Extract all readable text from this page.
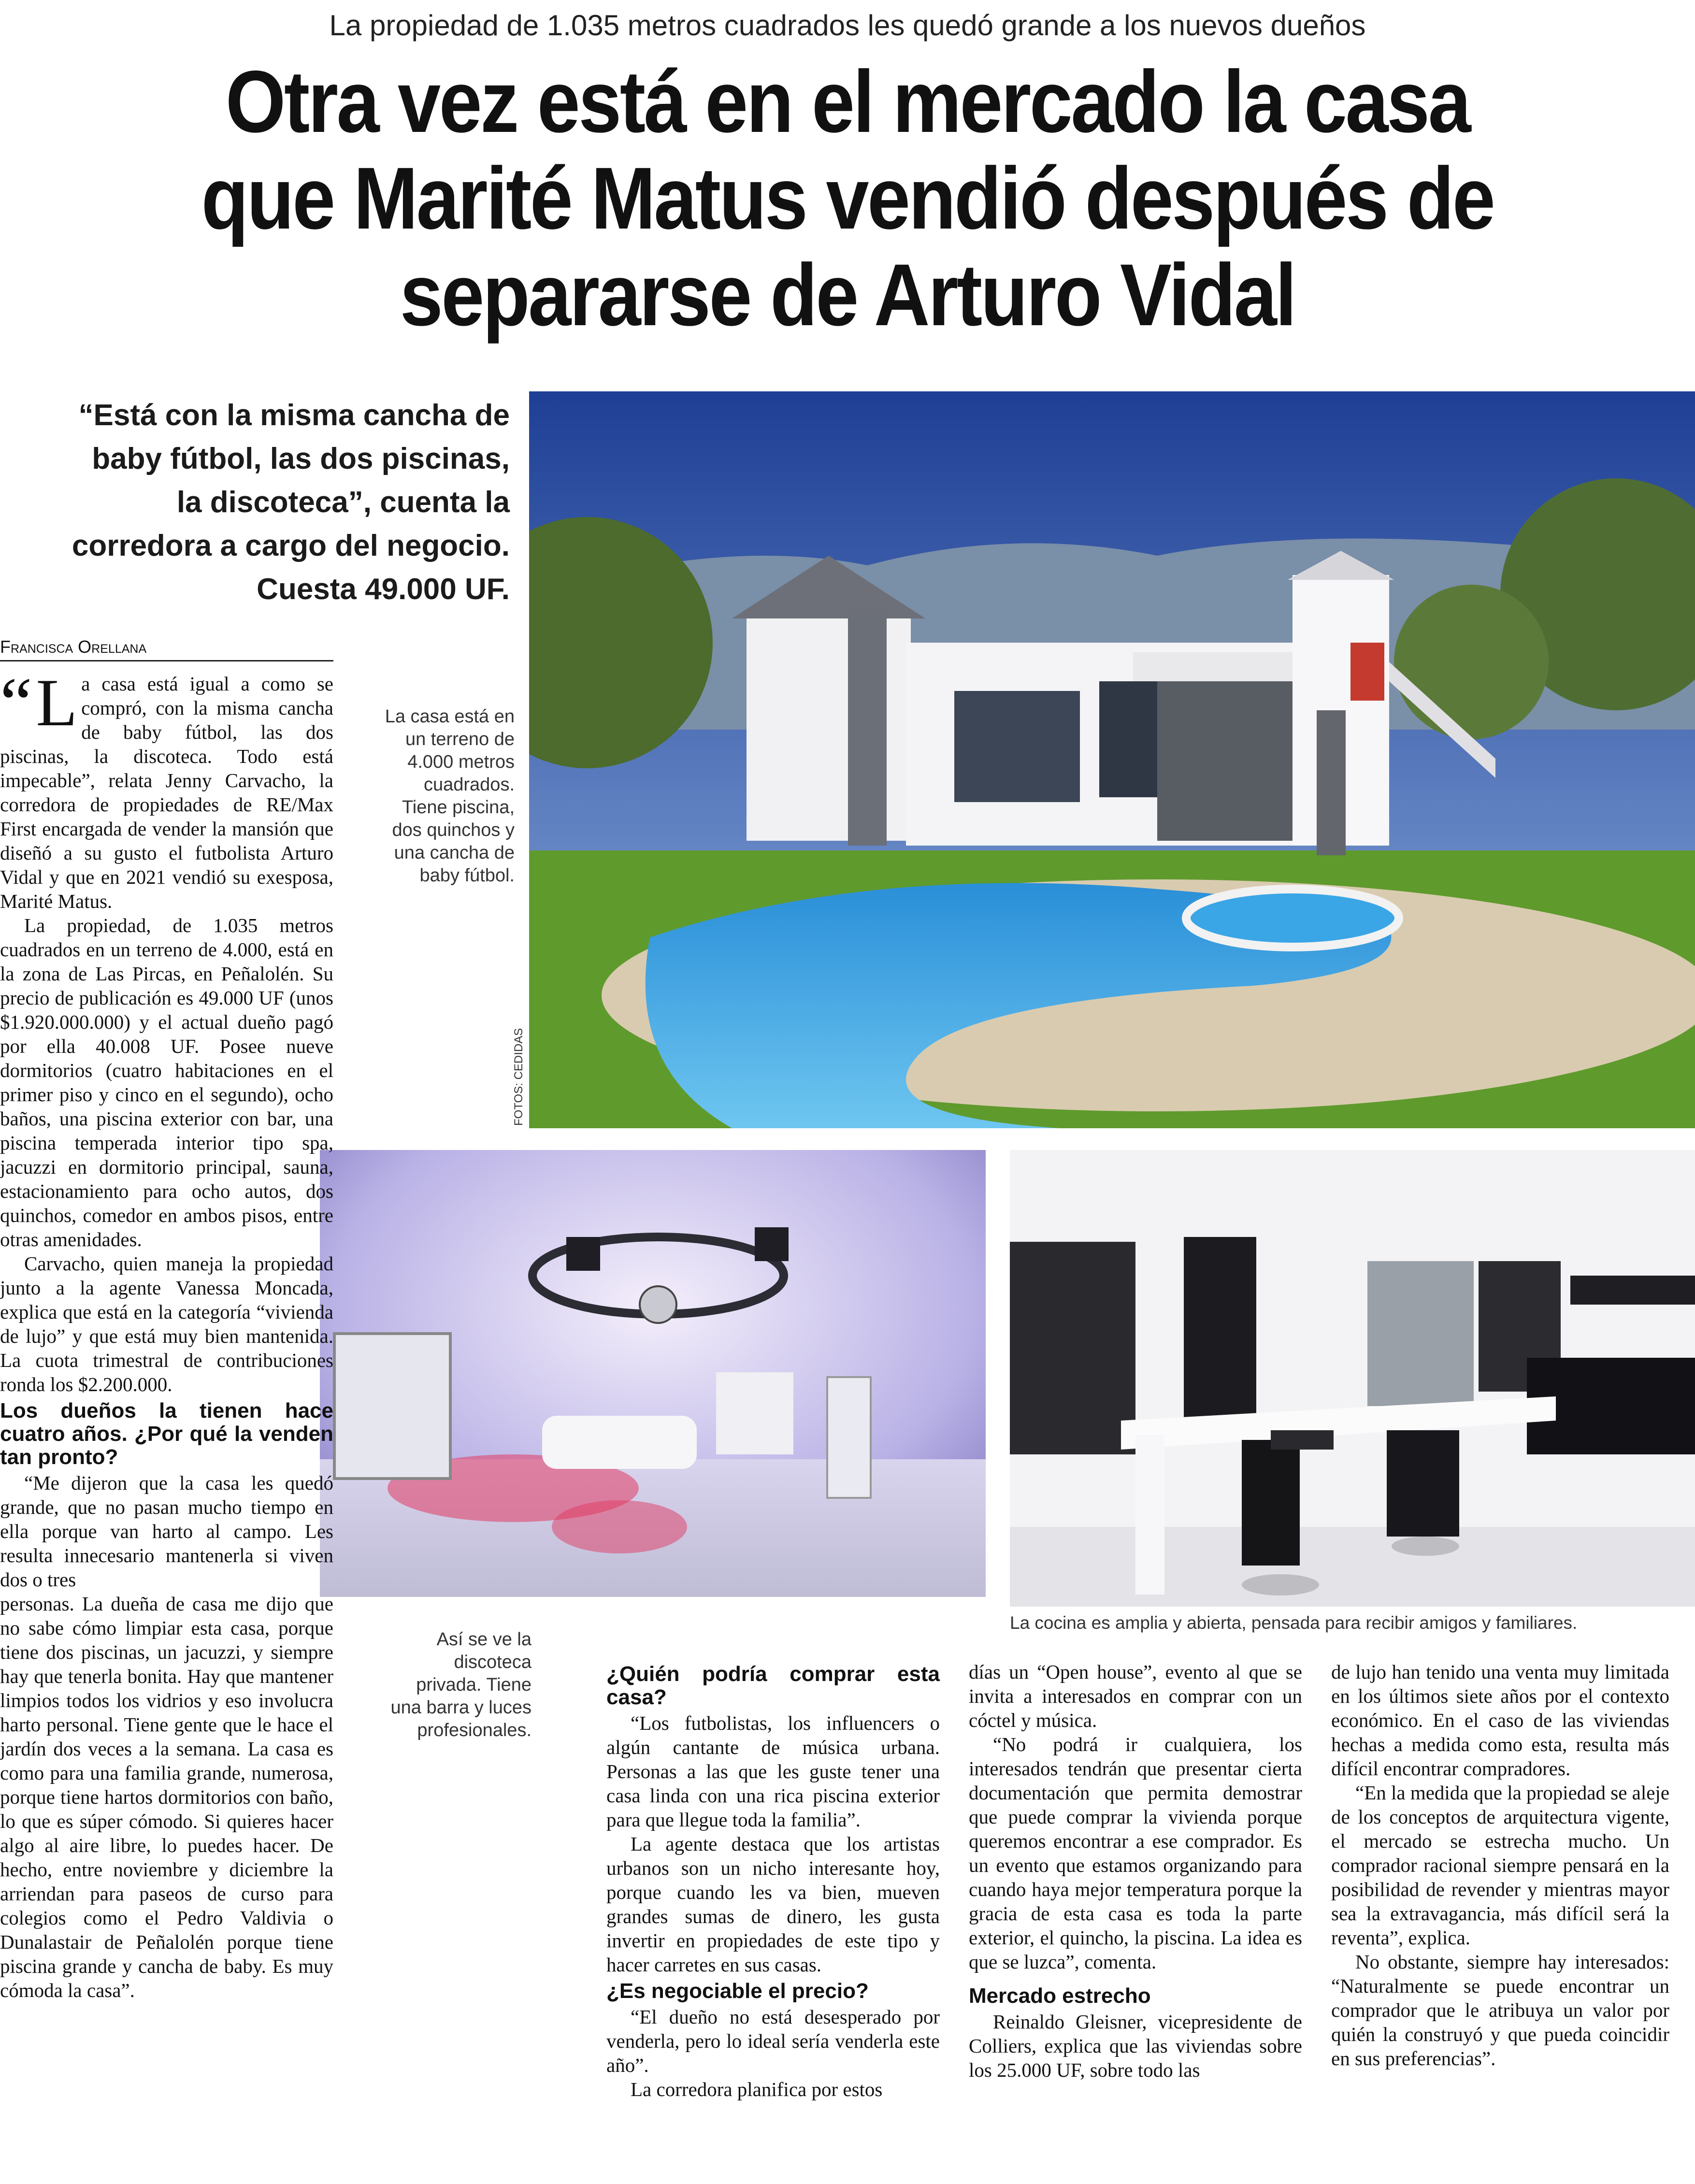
La propiedad de 1.035 metros cuadrados les quedó grande a los nuevos dueños
Otra vez está en el mercado la casa
que Marité Matus vendió después de
separarse de Arturo Vidal
“Está con la misma cancha de
baby fútbol, las dos piscinas,
la discoteca”, cuenta la
corredora a cargo del negocio.
Cuesta 49.000 UF.
Francisca Orellana
FOTOS: CEDIDAS
La casa está en un terreno de 4.000 metros cuadrados. Tiene piscina, dos quinchos y una cancha de baby fútbol.
Así se ve la discoteca privada. Tiene una barra y luces profesionales.
La cocina es amplia y abierta, pensada para recibir amigos y familiares.
“ L a casa está igual a como se compró, con la misma cancha de baby fútbol, las dos piscinas, la discoteca. Todo está impecable”, relata Jenny Carvacho, la corredora de propiedades de RE/Max First encargada de vender la mansión que diseñó a su gusto el futbolista Arturo Vidal y que en 2021 vendió su exesposa, Marité Matus.

La propiedad, de 1.035 metros cuadrados en un terreno de 4.000, está en la zona de Las Pircas, en Peñalolén. Su precio de publicación es 49.000 UF (unos $1.920.000.000) y el actual dueño pagó por ella 40.008 UF. Posee nueve dormitorios (cuatro habitaciones en el primer piso y cinco en el segundo), ocho baños, una piscina exterior con bar, una piscina temperada interior tipo spa, jacuzzi en dormitorio principal, sauna, estacionamiento para ocho autos, dos quinchos, comedor en ambos pisos, entre otras amenidades.

Carvacho, quien maneja la propiedad junto a la agente Vanessa Moncada, explica que está en la categoría “vivienda de lujo” y que está muy bien mantenida. La cuota trimestral de contribuciones ronda los $2.200.000.

Los dueños la tienen hace cuatro años. ¿Por qué la venden tan pronto?

“Me dijeron que la casa les quedó grande, que no pasan mucho tiempo en ella porque van harto al campo. Les resulta innecesario mantenerla si viven dos o tres

personas. La dueña de casa me dijo que no sabe cómo limpiar esta casa, porque tiene dos piscinas, un jacuzzi, y siempre hay que tenerla bonita. Hay que mantener limpios todos los vidrios y eso involucra harto personal. Tiene gente que le hace el jardín dos veces a la semana. La casa es como para una familia grande, numerosa, porque tiene hartos dormitorios con baño, lo que es súper cómodo. Si quieres hacer algo al aire libre, lo puedes hacer. De hecho, entre noviembre y diciembre la arriendan para paseos de curso para colegios como el Pedro Valdivia o Dunalastair de Peñalolén porque tiene piscina grande y cancha de baby. Es muy cómoda la casa”.

¿Quién podría comprar esta casa?

“Los futbolistas, los influencers o algún cantante de música urbana. Personas a las que les guste tener una casa linda con una rica piscina exterior para que llegue toda la familia”.

La agente destaca que los artistas urbanos son un nicho interesante hoy, porque cuando les va bien, mueven grandes sumas de dinero, les gusta invertir en propiedades de este tipo y hacer carretes en sus casas.

¿Es negociable el precio?

“El dueño no está desesperado por venderla, pero lo ideal sería venderla este año”.

La corredora planifica por estos

días un “Open house”, evento al que se invita a interesados en comprar con un cóctel y música.

“No podrá ir cualquiera, los interesados tendrán que presentar cierta documentación que permita demostrar que puede comprar la vivienda porque queremos encontrar a ese comprador. Es un evento que estamos organizando para cuando haya mejor temperatura porque la gracia de esta casa es toda la parte exterior, el quincho, la piscina. La idea es que se luzca”, comenta.

Mercado estrecho

Reinaldo Gleisner, vicepresidente de Colliers, explica que las viviendas sobre los 25.000 UF, sobre todo las

de lujo han tenido una venta muy limitada en los últimos siete años por el contexto económico. En el caso de las viviendas hechas a medida como esta, resulta más difícil encontrar compradores.

“En la medida que la propiedad se aleje de los conceptos de arquitectura vigente, el mercado se estrecha mucho. Un comprador racional siempre pensará en la posibilidad de revender y mientras mayor sea la extravagancia, más difícil será la reventa”, explica.

No obstante, siempre hay interesados: “Naturalmente se puede encontrar un comprador que le atribuya un valor por quién la construyó y que pueda coincidir en sus preferencias”.
